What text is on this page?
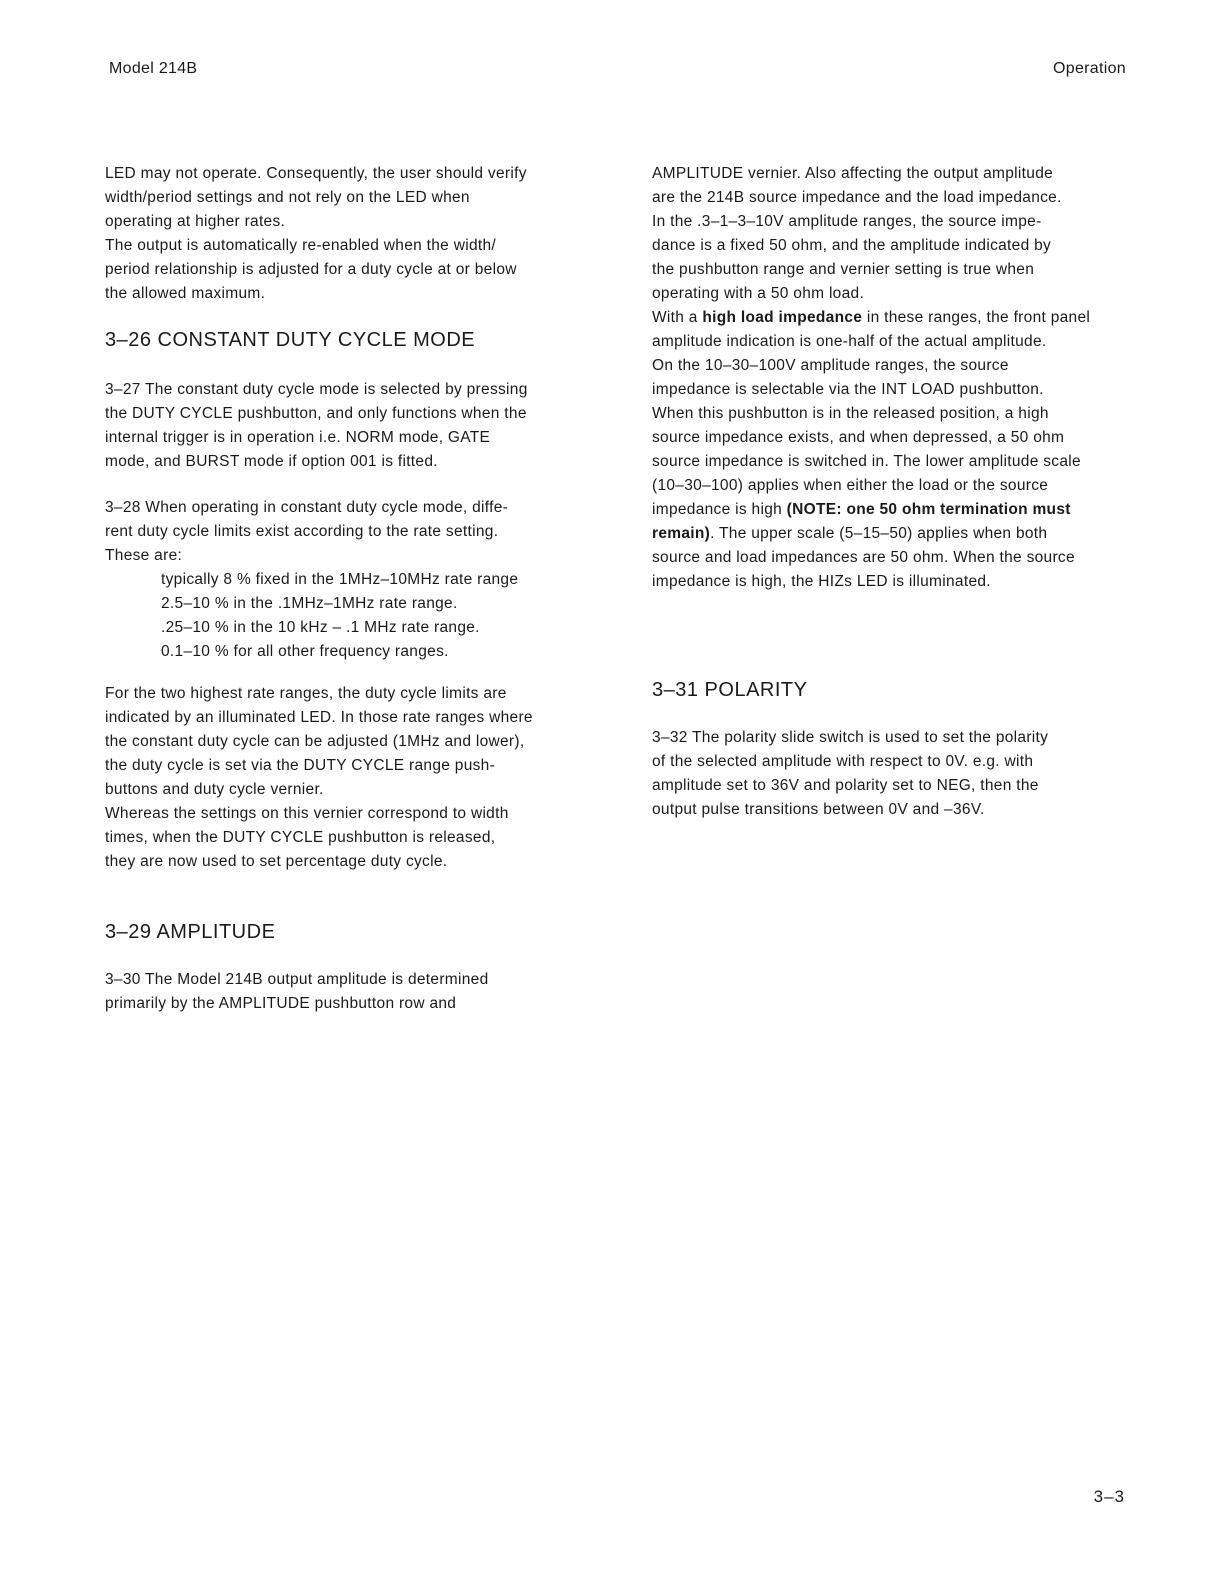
Model 214B	Operation
LED may not operate. Consequently, the user should verify
width/period settings and not rely on the LED when
operating at higher rates.
The output is automatically re-enabled when the width/
period relationship is adjusted for a duty cycle at or below
the allowed maximum.
3–26 CONSTANT DUTY CYCLE MODE
3–27 The constant duty cycle mode is selected by pressing
the DUTY CYCLE pushbutton, and only functions when the
internal trigger is in operation i.e. NORM mode, GATE
mode, and BURST mode if option 001 is fitted.
3–28 When operating in constant duty cycle mode, diffe-
rent duty cycle limits exist according to the rate setting.
These are:
typically 8 % fixed in the 1MHz–10MHz rate range
2.5–10 % in the .1MHz–1MHz rate range.
.25–10 % in the 10 kHz – .1 MHz rate range.
0.1–10 % for all other frequency ranges.
For the two highest rate ranges, the duty cycle limits are
indicated by an illuminated LED. In those rate ranges where
the constant duty cycle can be adjusted (1MHz and lower),
the duty cycle is set via the DUTY CYCLE range push-
buttons and duty cycle vernier.
Whereas the settings on this vernier correspond to width
times, when the DUTY CYCLE pushbutton is released,
they are now used to set percentage duty cycle.
3–29 AMPLITUDE
3–30 The Model 214B output amplitude is determined
primarily by the AMPLITUDE pushbutton row and
AMPLITUDE vernier. Also affecting the output amplitude
are the 214B source impedance and the load impedance.
In the .3–1–3–10V amplitude ranges, the source impe-
dance is a fixed 50 ohm, and the amplitude indicated by
the pushbutton range and vernier setting is true when
operating with a 50 ohm load.
With a high load impedance in these ranges, the front panel
amplitude indication is one-half of the actual amplitude.
On the 10–30–100V amplitude ranges, the source
impedance is selectable via the INT LOAD pushbutton.
When this pushbutton is in the released position, a high
source impedance exists, and when depressed, a 50 ohm
source impedance is switched in. The lower amplitude scale
(10–30–100) applies when either the load or the source
impedance is high (NOTE: one 50 ohm termination must
remain). The upper scale (5–15–50) applies when both
source and load impedances are 50 ohm. When the source
impedance is high, the HIZs LED is illuminated.
3–31 POLARITY
3–32 The polarity slide switch is used to set the polarity
of the selected amplitude with respect to 0V. e.g. with
amplitude set to 36V and polarity set to NEG, then the
output pulse transitions between 0V and –36V.
3–3
